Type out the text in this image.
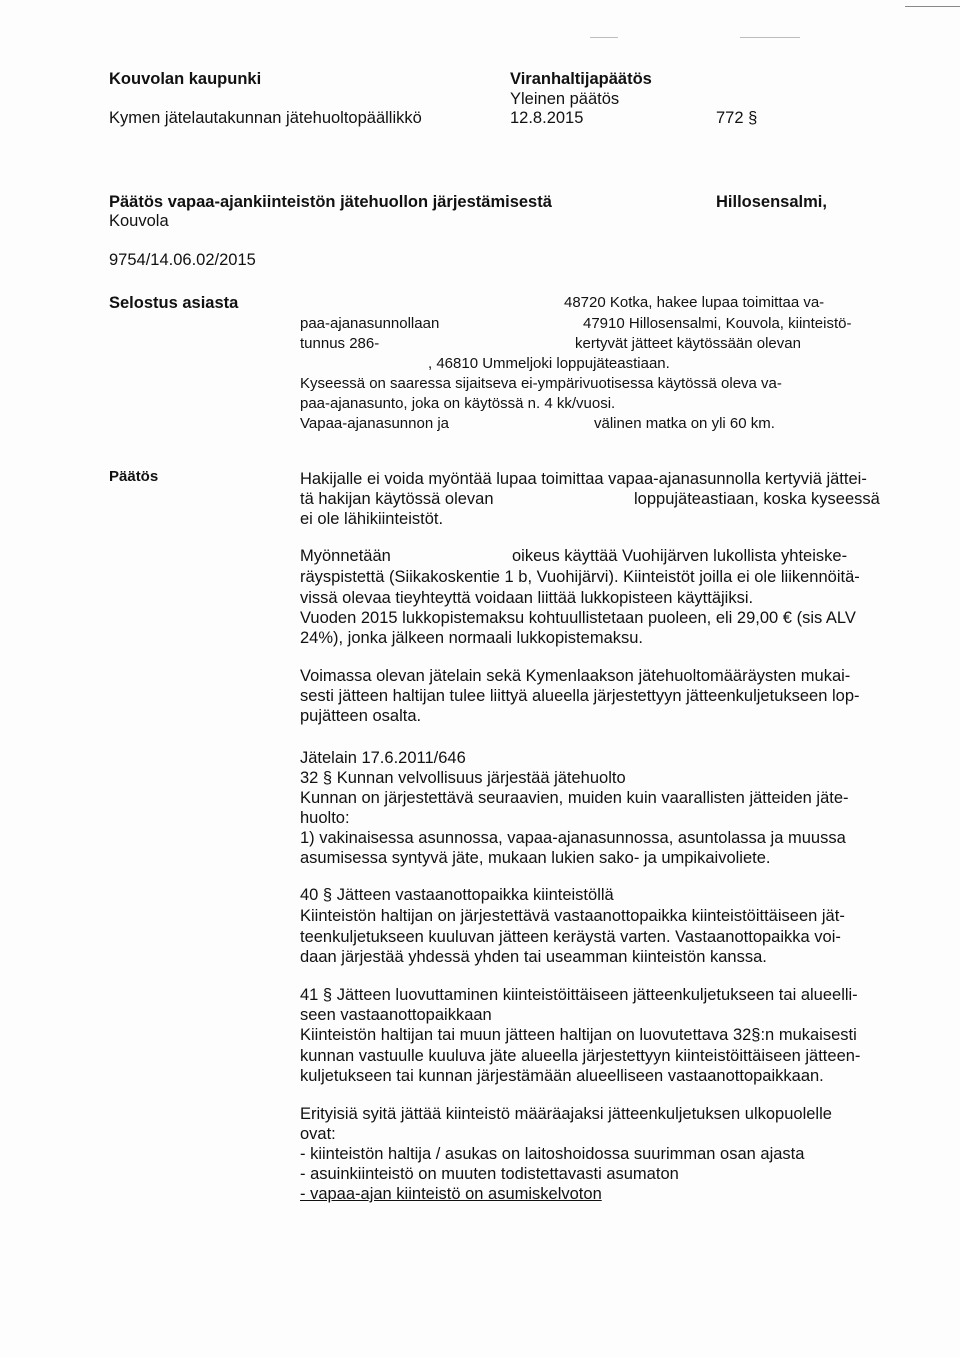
Kouvolan kaupunki
Kymen jätelautakunnan jätehuoltopäällikkö
Viranhaltijapäätös
Yleinen päätös
12.8.2015	772 §
Päätös vapaa-ajankiinteistön jätehuollon järjestämisestä	Hillosensalmi,
Kouvola
9754/14.06.02/2015
Selostus asiasta	48720 Kotka, hakee lupaa toimittaa va-
paa-ajanasunnollaan	47910 Hillosensalmi, Kouvola, kiinteistö-
tunnus 286-	kertyvät jätteet käytössään olevan
, 46810 Ummeljoki loppujäteastiaan.
Kyseessä on saaressa sijaitseva ei-ympärivuotisessa käytössä oleva va-
paa-ajanasunto, joka on käytössä n. 4 kk/vuosi.
Vapaa-ajanasunnon ja	välinen matka on yli 60 km.
Päätös	Hakijalle ei voida myöntää lupaa toimittaa vapaa-ajanasunnolla kertyviä jättei-
tä hakijan käytössä olevan	loppujäteastiaan, koska kyseessä
ei ole lähikiinteistöt.
Myönnetään	oikeus käyttää Vuohijärven lukollista yhteiske-
räyspistettä (Siikakoskentie 1 b, Vuohijärvi). Kiinteistöt joilla ei ole liikennöitä-
vissä olevaa tieyhteyttä voidaan liittää lukkopisteen käyttäjiksi.
Vuoden 2015 lukkopistemaksu kohtuullistetaan puoleen, eli 29,00 € (sis ALV
24%), jonka jälkeen normaali lukkopistemaksu.
Voimassa olevan jätelain sekä Kymenlaakson jätehuoltomääräysten mukai-
sesti jätteen haltijan tulee liittyä alueella järjestettyyn jätteenkuljetukseen lop-
pujätteen osalta.
Jätelain 17.6.2011/646
32 § Kunnan velvollisuus järjestää jätehuolto
Kunnan on järjestettävä seuraavien, muiden kuin vaarallisten jätteiden jäte-
huolto:
1) vakinaisessa asunnossa, vapaa-ajanasunnossa, asuntolassa ja muussa
asumisessa syntyvä jäte, mukaan lukien sako- ja umpikaivoliete.
40 § Jätteen vastaanottopaikka kiinteistöllä
Kiinteistön haltijan on järjestettävä vastaanottopaikka kiinteistöittäiseen jät-
teenkuljetukseen kuuluvan jätteen keräystä varten. Vastaanottopaikka voi-
daan järjestää yhdessä yhden tai useamman kiinteistön kanssa.
41 § Jätteen luovuttaminen kiinteistöittäiseen jätteenkuljetukseen tai alueelli-
seen vastaanottopaikkaan
Kiinteistön haltijan tai muun jätteen haltijan on luovutettava 32§:n mukaisesti
kunnan vastuulle kuuluva jäte alueella järjestettyyn kiinteistöittäiseen jätteen-
kuljetukseen tai kunnan järjestämään alueelliseen vastaanottopaikkaan.
Erityisiä syitä jättää kiinteistö määräajaksi jätteenkuljetuksen ulkopuolelle
ovat:
- kiinteistön haltija / asukas on laitoshoidossa suurimman osan ajasta
- asuinkiinteistö on muuten todistettavasti asumaton
- vapaa-ajan kiinteistö on asumiskelvoton
